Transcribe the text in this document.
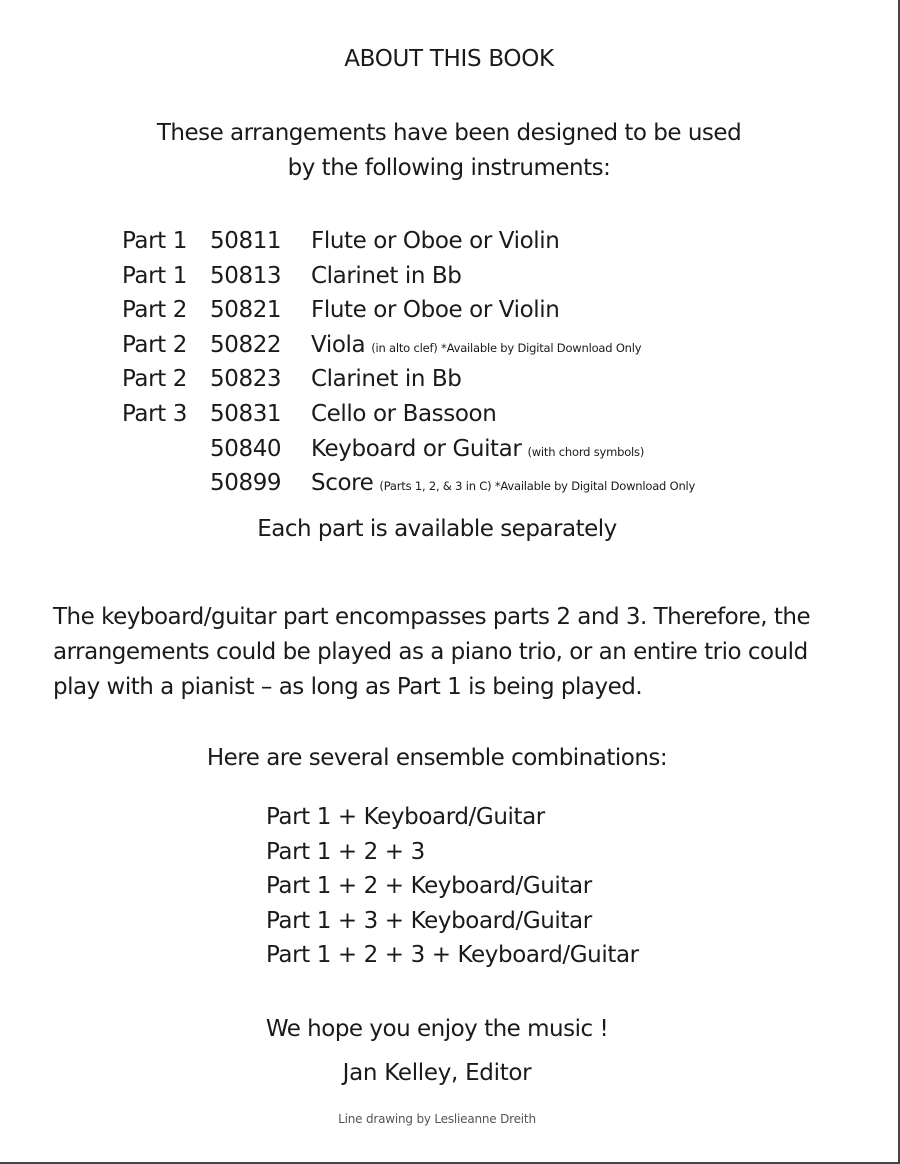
ABOUT THIS BOOK
These arrangements have been designed to be used
by the following instruments:
Part 1 50811 Flute or Oboe or Violin
Part 1 50813 Clarinet in Bb
Part 2 50821 Flute or Oboe or Violin
Part 2 50822 Viola (in alto clef) *Available by Digital Download Only
Part 2 50823 Clarinet in Bb
Part 3 50831 Cello or Bassoon
50840 Keyboard or Guitar (with chord symbols)
50899 Score (Parts 1, 2, & 3 in C) *Available by Digital Download Only
Each part is available separately
The keyboard/guitar part encompasses parts 2 and 3. Therefore, the
arrangements could be played as a piano trio, or an entire trio could
play with a pianist – as long as Part 1 is being played.
Here are several ensemble combinations:
Part 1 + Keyboard/Guitar
Part 1 + 2 + 3
Part 1 + 2 + Keyboard/Guitar
Part 1 + 3 + Keyboard/Guitar
Part 1 + 2 + 3 + Keyboard/Guitar
We hope you enjoy the music !
Jan Kelley, Editor
Line drawing by Leslieanne Dreith
